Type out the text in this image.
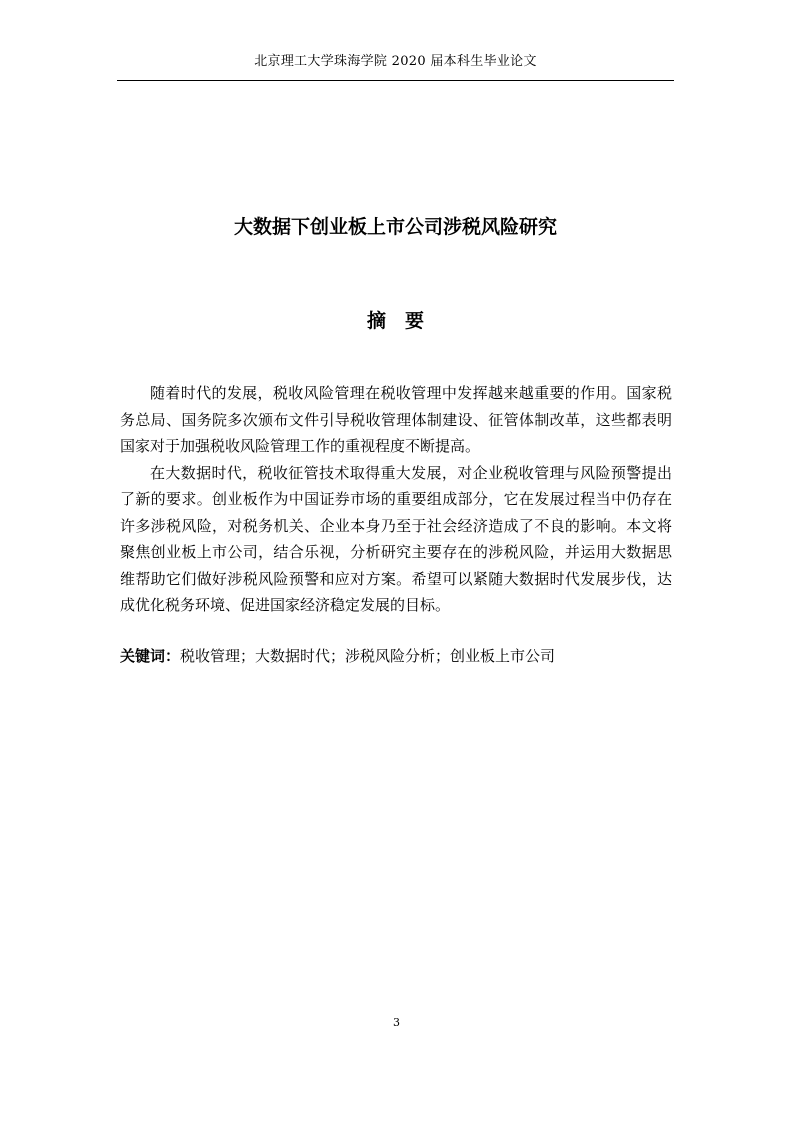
北京理工大学珠海学院 2020 届本科生毕业论文
大数据下创业板上市公司涉税风险研究
摘要

随着时代的发展，税收风险管理在税收管理中发挥越来越重要的作用。国家税务总局、国务院多次颁布文件引导税收管理体制建设、征管体制改革，这些都表明国家对于加强税收风险管理工作的重视程度不断提高。

在大数据时代，税收征管技术取得重大发展，对企业税收管理与风险预警提出了新的要求。创业板作为中国证券市场的重要组成部分，它在发展过程当中仍存在许多涉税风险，对税务机关、企业本身乃至于社会经济造成了不良的影响。本文将聚焦创业板上市公司，结合乐视，分析研究主要存在的涉税风险，并运用大数据思维帮助它们做好涉税风险预警和应对方案。希望可以紧随大数据时代发展步伐，达成优化税务环境、促进国家经济稳定发展的目标。

关键词：税收管理；大数据时代；涉税风险分析；创业板上市公司
3
